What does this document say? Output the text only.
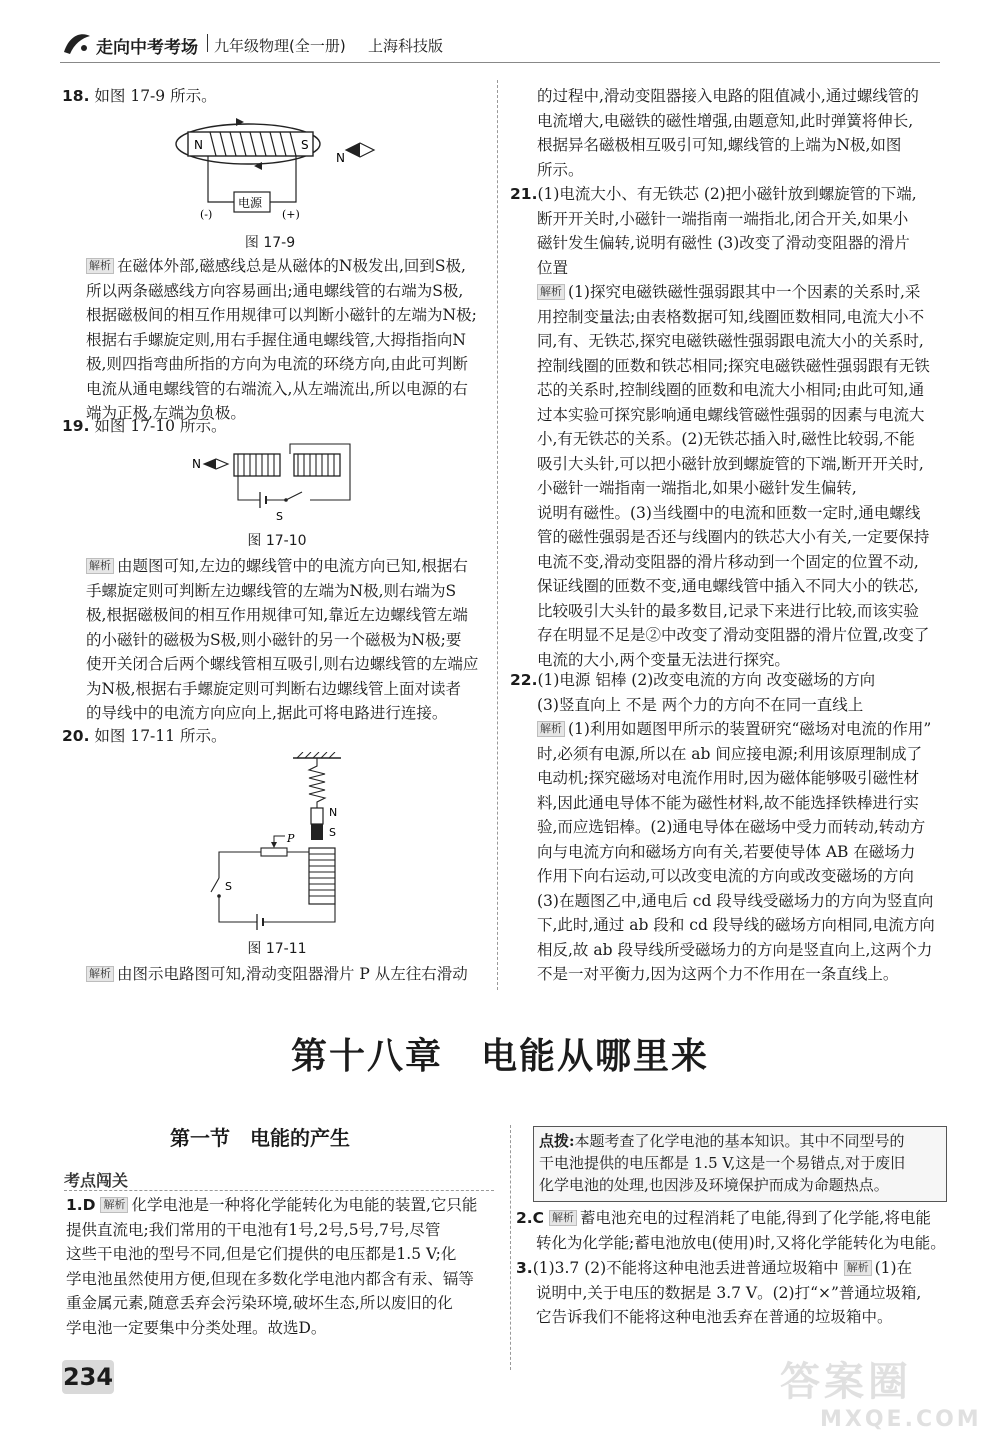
走向中考考场 九年级物理(全一册) 上海科技版
18. 如图 17-9 所示。
N	S
N
电源
(-)	(+)
图 17-9
解析 在磁体外部,磁感线总是从磁体的N极发出,回到S极,
所以两条磁感线方向容易画出;通电螺线管的右端为S极,
根据磁极间的相互作用规律可以判断小磁针的左端为N极;
根据右手螺旋定则,用右手握住通电螺线管,大拇指指向N
极,则四指弯曲所指的方向为电流的环绕方向,由此可判断
电流从通电螺线管的右端流入,从左端流出,所以电源的右
端为正极,左端为负极。
19. 如图 17-10 所示。
N
S
图 17-10
解析 由题图可知,左边的螺线管中的电流方向已知,根据右
手螺旋定则可判断左边螺线管的左端为N极,则右端为S
极,根据磁极间的相互作用规律可知,靠近左边螺线管左端
的小磁针的磁极为S极,则小磁针的另一个磁极为N极;要
使开关闭合后两个螺线管相互吸引,则右边螺线管的左端应
为N极,根据右手螺旋定则可判断右边螺线管上面对读者
的导线中的电流方向应向上,据此可将电路进行连接。
20. 如图 17-11 所示。
N
S
P
S
图 17-11
解析 由图示电路图可知,滑动变阻器滑片 P 从左往右滑动
的过程中,滑动变阻器接入电路的阻值减小,通过螺线管的
电流增大,电磁铁的磁性增强,由题意知,此时弹簧将伸长,
根据异名磁极相互吸引可知,螺线管的上端为N极,如图
所示。
21.(1)电流大小、有无铁芯 (2)把小磁针放到螺旋管的下端,
断开开关时,小磁针一端指南一端指北,闭合开关,如果小
磁针发生偏转,说明有磁性 (3)改变了滑动变阻器的滑片
位置
解析 (1)探究电磁铁磁性强弱跟其中一个因素的关系时,采
用控制变量法;由表格数据可知,线圈匝数相同,电流大小不
同,有、无铁芯,探究电磁铁磁性强弱跟电流大小的关系时,
控制线圈的匝数和铁芯相同;探究电磁铁磁性强弱跟有无铁
芯的关系时,控制线圈的匝数和电流大小相同;由此可知,通
过本实验可探究影响通电螺线管磁性强弱的因素与电流大
小,有无铁芯的关系。(2)无铁芯插入时,磁性比较弱,不能
吸引大头针,可以把小磁针放到螺旋管的下端,断开开关时,
小磁针一端指南一端指北,如果小磁针发生偏转,
说明有磁性。(3)当线圈中的电流和匝数一定时,通电螺线
管的磁性强弱是否还与线圈内的铁芯大小有关,一定要保持
电流不变,滑动变阻器的滑片移动到一个固定的位置不动,
保证线圈的匝数不变,通电螺线管中插入不同大小的铁芯,
比较吸引大头针的最多数目,记录下来进行比较,而该实验
存在明显不足是②中改变了滑动变阻器的滑片位置,改变了
电流的大小,两个变量无法进行探究。
22.(1)电源 铝棒 (2)改变电流的方向 改变磁场的方向
(3)竖直向上 不是 两个力的方向不在同一直线上
解析 (1)利用如题图甲所示的装置研究“磁场对电流的作用”
时,必须有电源,所以在 ab 间应接电源;利用该原理制成了
电动机;探究磁场对电流作用时,因为磁体能够吸引磁性材
料,因此通电导体不能为磁性材料,故不能选择铁棒进行实
验,而应选铝棒。(2)通电导体在磁场中受力而转动,转动方
向与电流方向和磁场方向有关,若要使导体 AB 在磁场力
作用下向右运动,可以改变电流的方向或改变磁场的方向
(3)在题图乙中,通电后 cd 段导线受磁场力的方向为竖直向
下,此时,通过 ab 段和 cd 段导线的磁场方向相同,电流方向
相反,故 ab 段导线所受磁场力的方向是竖直向上,这两个力
不是一对平衡力,因为这两个力不作用在一条直线上。
第十八章　电能从哪里来
第一节　电能的产生
考点闯关
1.D 解析 化学电池是一种将化学能转化为电能的装置,它只能
提供直流电;我们常用的干电池有1号,2号,5号,7号,尽管
这些干电池的型号不同,但是它们提供的电压都是1.5 V;化
学电池虽然使用方便,但现在多数化学电池内都含有汞、镉等
重金属元素,随意丢弃会污染环境,破坏生态,所以废旧的化
学电池一定要集中分类处理。故选D。
点拨:本题考查了化学电池的基本知识。其中不同型号的
干电池提供的电压都是 1.5 V,这是一个易错点,对于废旧
化学电池的处理,也因涉及环境保护而成为命题热点。
2.C 解析 蓄电池充电的过程消耗了电能,得到了化学能,将电能
转化为化学能;蓄电池放电(使用)时,又将化学能转化为电能。
3.(1)3.7 (2)不能将这种电池丢进普通垃圾箱中 解析 (1)在
说明中,关于电压的数据是 3.7 V。(2)打“×”普通垃圾箱,
它告诉我们不能将这种电池丢弃在普通的垃圾箱中。
234	答案圈
MXQE.COM
